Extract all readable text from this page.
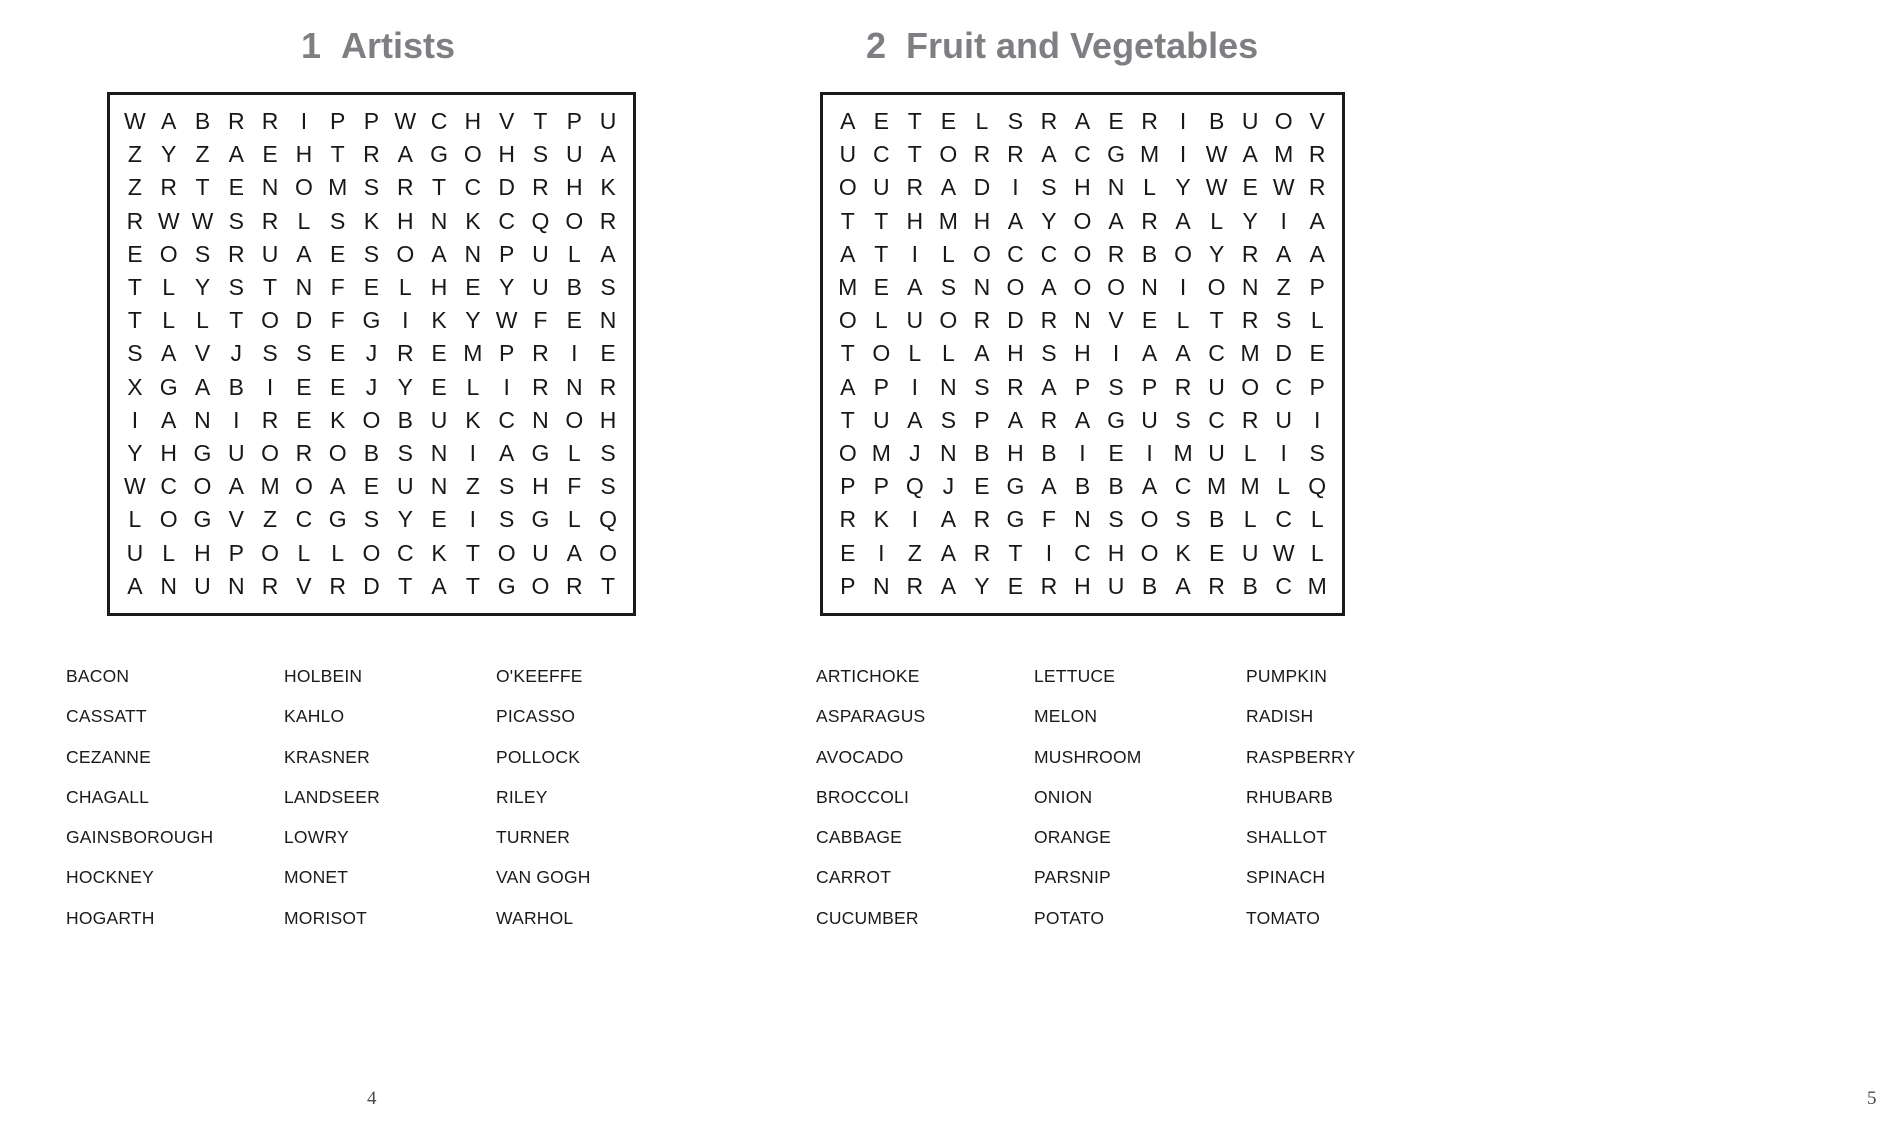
1 Artists
W	A	B	R	R	I	P	P	W	C	H	V	T	P	U
Z	Y	Z	A	E	H	T	R	A	G	O	H	S	U	A
Z	R	T	E	N	O	M	S	R	T	C	D	R	H	K
R	W	W	S	R	L	S	K	H	N	K	C	Q	O	R
E	O	S	R	U	A	E	S	O	A	N	P	U	L	A
T	L	Y	S	T	N	F	E	L	H	E	Y	U	B	S
T	L	L	T	O	D	F	G	I	K	Y	W	F	E	N
S	A	V	J	S	S	E	J	R	E	M	P	R	I	E
X	G	A	B	I	E	E	J	Y	E	L	I	R	N	R
I	A	N	I	R	E	K	O	B	U	K	C	N	O	H
Y	H	G	U	O	R	O	B	S	N	I	A	G	L	S
W	C	O	A	M	O	A	E	U	N	Z	S	H	F	S
L	O	G	V	Z	C	G	S	Y	E	I	S	G	L	Q
U	L	H	P	O	L	L	O	C	K	T	O	U	A	O
A	N	U	N	R	V	R	D	T	A	T	G	O	R	T
BACON	HOLBEIN	O'KEEFFE
CASSATT	KAHLO	PICASSO
CEZANNE	KRASNER	POLLOCK
CHAGALL	LANDSEER	RILEY
GAINSBOROUGH	LOWRY	TURNER
HOCKNEY	MONET	VAN GOGH
HOGARTH	MORISOT	WARHOL
4
2 Fruit and Vegetables
A	E	T	E	L	S	R	A	E	R	I	B	U	O	V
U	C	T	O	R	R	A	C	G	M	I	W	A	M	R
O	U	R	A	D	I	S	H	N	L	Y	W	E	W	R
T	T	H	M	H	A	Y	O	A	R	A	L	Y	I	A
A	T	I	L	O	C	C	O	R	B	O	Y	R	A	A
M	E	A	S	N	O	A	O	O	N	I	O	N	Z	P
O	L	U	O	R	D	R	N	V	E	L	T	R	S	L
T	O	L	L	A	H	S	H	I	A	A	C	M	D	E
A	P	I	N	S	R	A	P	S	P	R	U	O	C	P
T	U	A	S	P	A	R	A	G	U	S	C	R	U	I
O	M	J	N	B	H	B	I	E	I	M	U	L	I	S
P	P	Q	J	E	G	A	B	B	A	C	M	M	L	Q
R	K	I	A	R	G	F	N	S	O	S	B	L	C	L
E	I	Z	A	R	T	I	C	H	O	K	E	U	W	L
P	N	R	A	Y	E	R	H	U	B	A	R	B	C	M
ARTICHOKE	LETTUCE	PUMPKIN
ASPARAGUS	MELON	RADISH
AVOCADO	MUSHROOM	RASPBERRY
BROCCOLI	ONION	RHUBARB
CABBAGE	ORANGE	SHALLOT
CARROT	PARSNIP	SPINACH
CUCUMBER	POTATO	TOMATO
5
